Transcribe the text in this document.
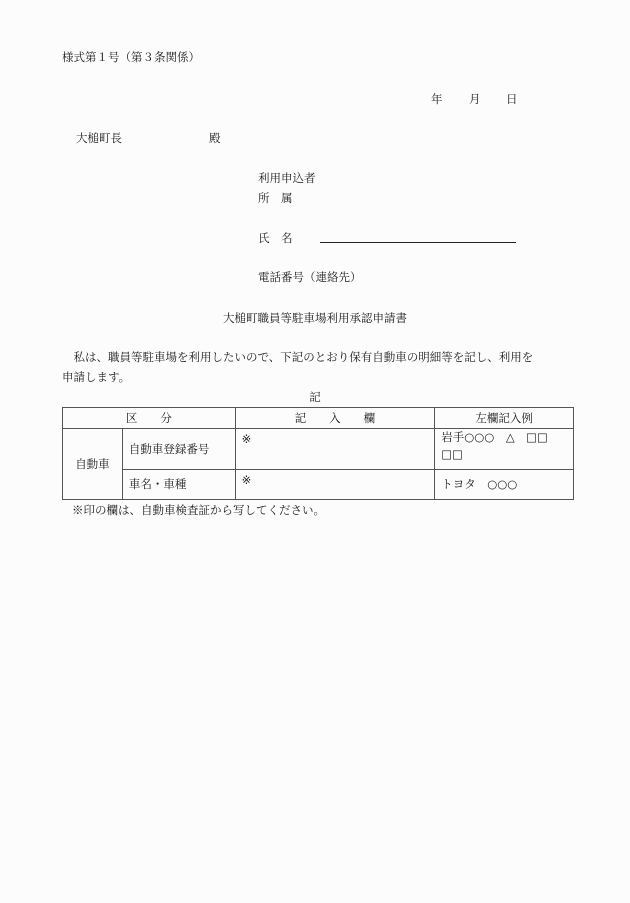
様式第１号（第３条関係）
年 月 日
大槌町長	殿
利用申込者
所　属
氏　名
電話番号（連絡先）
大槌町職員等駐車場利用承認申請書
　私は、職員等駐車場を利用したいので、下記のとおり保有自動車の明細等を記し、利用を
申請します。
記
区　　分		記　　入　　欄	左欄記入例
自動車	自動車登録番号	※	岩手○○○　△　□□
□□

	車名・車種	※	トヨタ　○○○
※印の欄は、自動車検査証から写してください。
